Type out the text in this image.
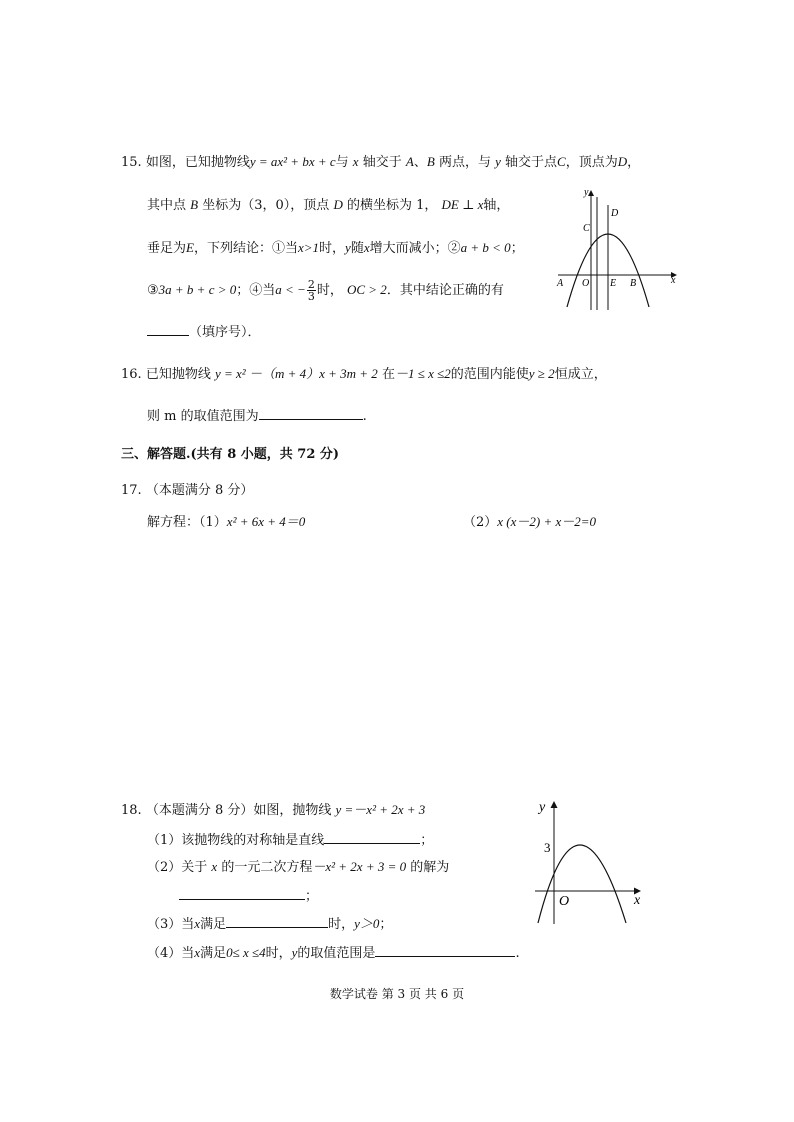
15. 如图，已知抛物线y = ax² + bx + c与 x 轴交于 A、B 两点，与 y 轴交于点C，顶点为D，
其中点 B 坐标为（3，0），顶点 D 的横坐标为 1， DE ⊥ x轴，
垂足为E，下列结论：①当x>1时，y随x增大而减小；②a + b < 0；
③3a + b + c > 0；④当a < − $\frac{2}{3}$ 时， OC > 2．其中结论正确的有
（填序号）．
y
x
A O E B
C
D
16. 已知抛物线 y = x² －（m + 4）x + 3m + 2 在－1 ≤ x ≤2的范围内能使y ≥ 2恒成立，
则 m 的取值范围为	.
三、解答题.(共有 8 小题，共 72 分)
17. （本题满分 8 分）
解方程：（1）x² + 6x + 4＝0	（2）x (x－2) + x－2=0
18. （本题满分 8 分）如图，抛物线 y =－x² + 2x + 3
（1）该抛物线的对称轴是直线	；
（2）关于 x 的一元二次方程－x² + 2x + 3 = 0 的解为
；
（3）当x满足	时，y＞0；
（4）当x满足0≤ x ≤4时，y的取值范围是	.
y
x
O
3
数学试卷 第 3 页 共 6 页
